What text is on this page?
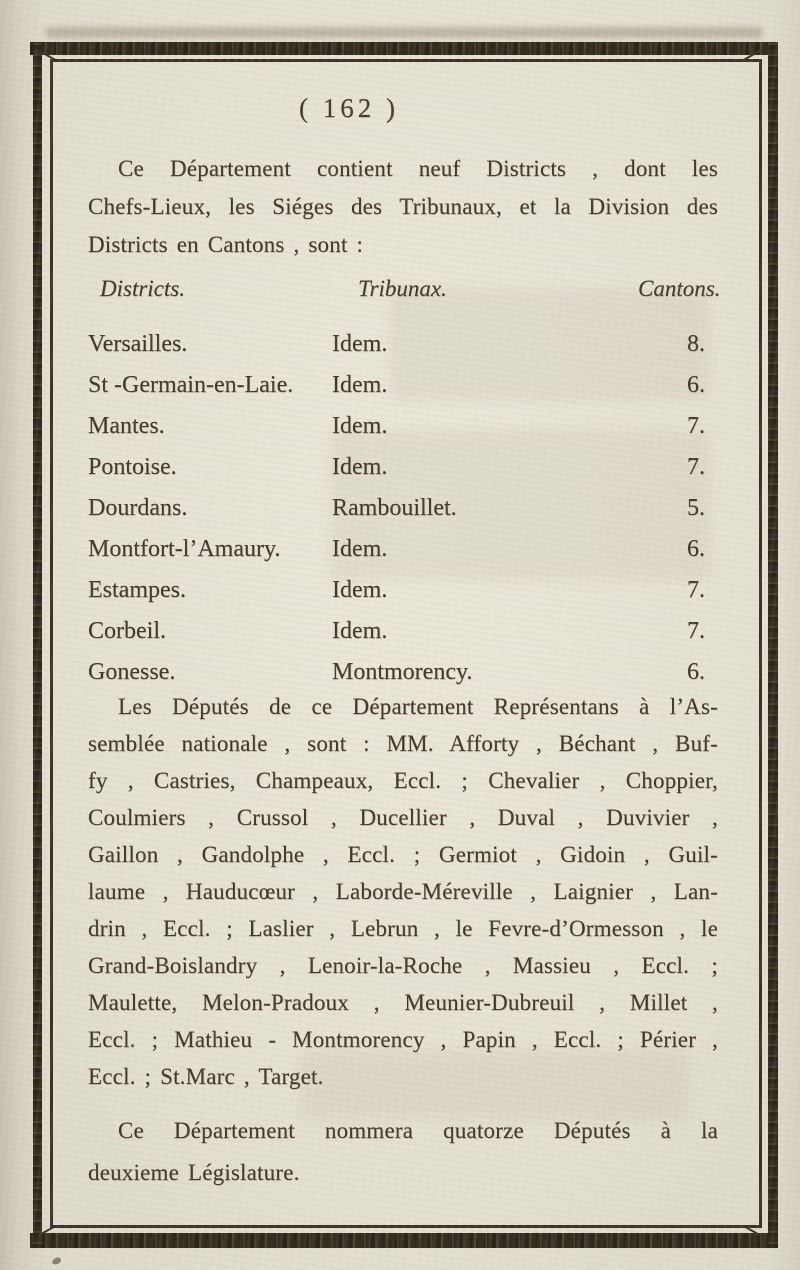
( 162 )
Ce Département contient neuf Districts , dont les
Chefs-Lieux, les Siéges des Tribunaux, et la Division des
Districts en Cantons , sont :
Districts.	Tribunax.	Cantons.
Versailles.	Idem.	8.
St -Germain-en-Laie. Idem.	6.
Mantes.	Idem.	7.
Pontoise.	Idem.	7.
Dourdans.	Rambouillet.	5.
Montfort-l’Amaury. Idem.	6.
Estampes.	Idem.	7.
Corbeil.	Idem.	7.
Gonesse.	Montmorency.	6.
Les Députés de ce Département Représentans à l’As-
semblée nationale , sont : MM. Afforty , Béchant , Buf-
fy , Castries, Champeaux, Eccl. ; Chevalier , Choppier,
Coulmiers , Crussol , Ducellier , Duval , Duvivier ,
Gaillon , Gandolphe , Eccl. ; Germiot , Gidoin , Guil-
laume , Hauducœur , Laborde-Méreville , Laignier , Lan-
drin , Eccl. ; Laslier , Lebrun , le Fevre-d’Ormesson , le
Grand-Boislandry , Lenoir-la-Roche , Massieu , Eccl. ;
Maulette, Melon-Pradoux , Meunier-Dubreuil , Millet ,
Eccl. ; Mathieu - Montmorency , Papin , Eccl. ; Périer ,
Eccl. ; St.Marc , Target.
Ce Département nommera quatorze Députés à la
deuxieme Législature.
